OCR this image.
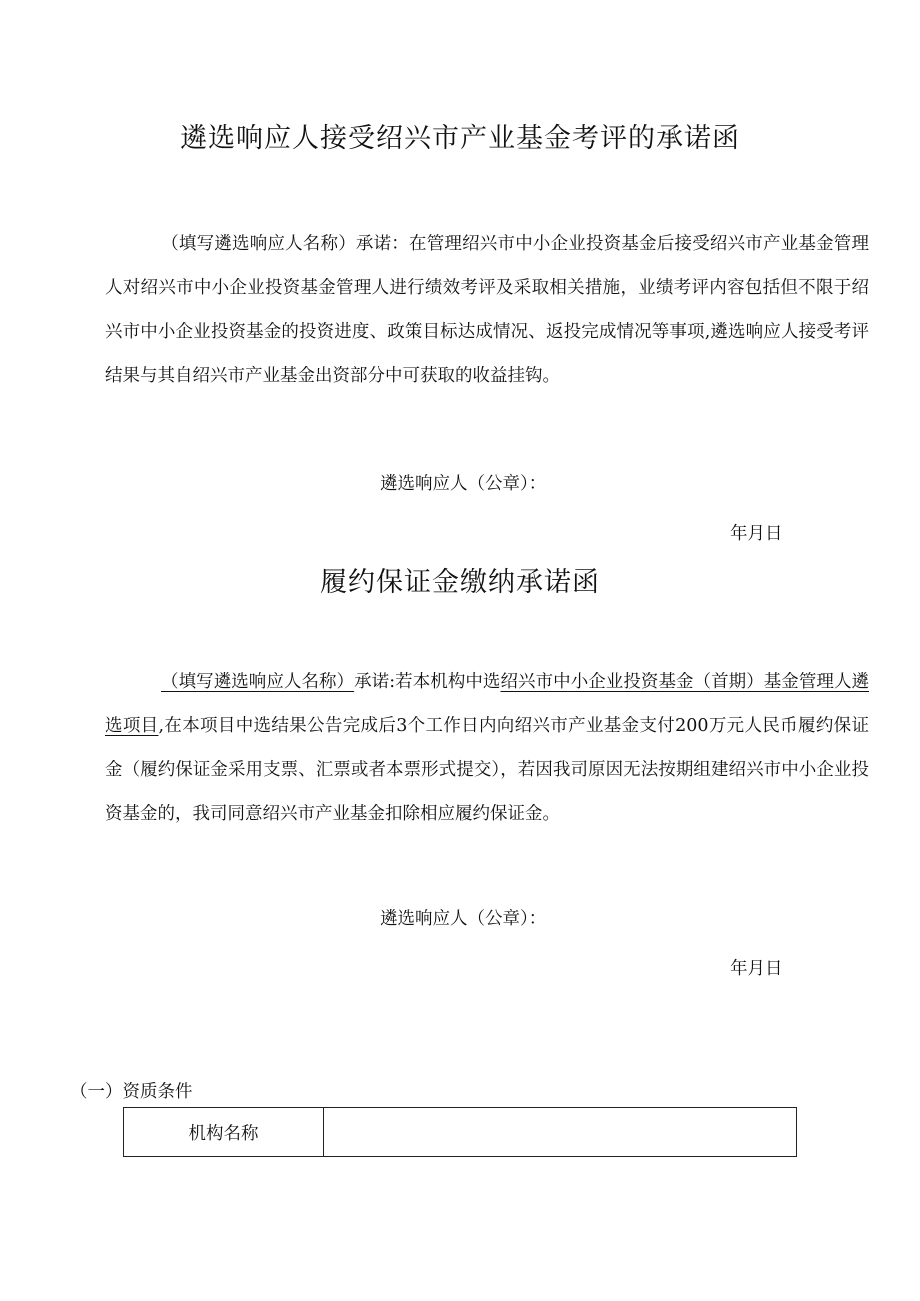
遴选响应人接受绍兴市产业基金考评的承诺函

（填写遴选响应人名称）承诺：在管理绍兴市中小企业投资基金后接受绍兴市产业基金管理人对绍兴市中小企业投资基金管理人进行绩效考评及采取相关措施，业绩考评内容包括但不限于绍兴市中小企业投资基金的投资进度、政策目标达成情况、返投完成情况等事项,遴选响应人接受考评结果与其自绍兴市产业基金出资部分中可获取的收益挂钩。

遴选响应人（公章）：

年月日

履约保证金缴纳承诺函

（填写遴选响应人名称）承诺:若本机构中选绍兴市中小企业投资基金（首期）基金管理人遴选项目,在本项目中选结果公告完成后3个工作日内向绍兴市产业基金支付200万元人民币履约保证金（履约保证金采用支票、汇票或者本票形式提交），若因我司原因无法按期组建绍兴市中小企业投资基金的，我司同意绍兴市产业基金扣除相应履约保证金。

遴选响应人（公章）：

年月日

（一）资质条件

机构名称	
